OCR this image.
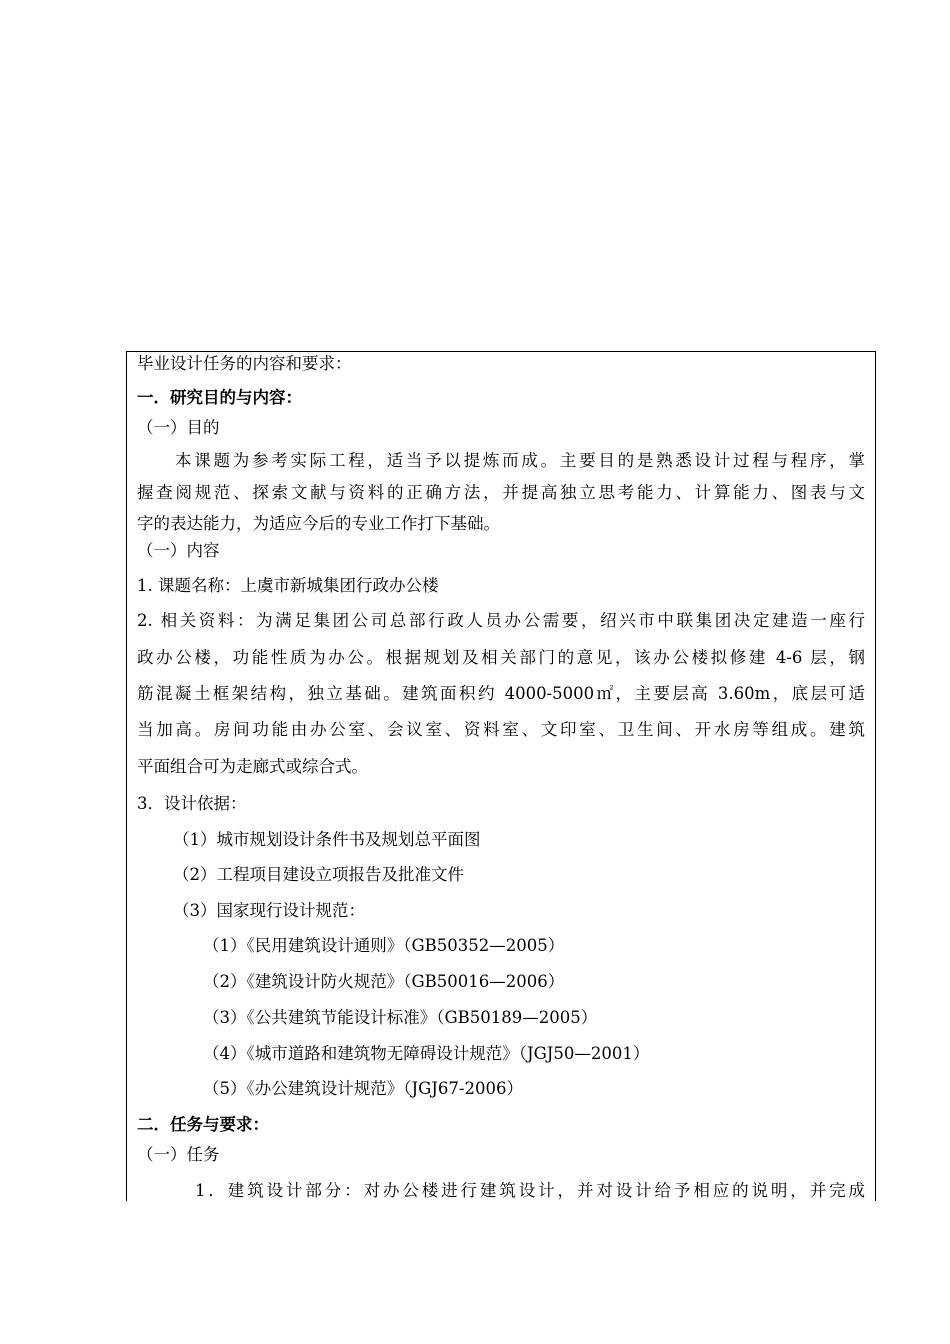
毕业设计任务的内容和要求：
一．研究目的与内容：
（一）目的
本课题为参考实际工程，适当予以提炼而成。主要目的是熟悉设计过程与程序，掌
握查阅规范、探索文献与资料的正确方法，并提高独立思考能力、计算能力、图表与文
字的表达能力，为适应今后的专业工作打下基础。
（一）内容
1. 课题名称：上虞市新城集团行政办公楼
2. 相关资料：为满足集团公司总部行政人员办公需要，绍兴市中联集团决定建造一座行
政办公楼，功能性质为办公。根据规划及相关部门的意见，该办公楼拟修建 4-6 层，钢
筋混凝土框架结构，独立基础。建筑面积约 4000-5000㎡，主要层高 3.60m，底层可适
当加高。房间功能由办公室、会议室、资料室、文印室、卫生间、开水房等组成。建筑
平面组合可为走廊式或综合式。
3．设计依据：
（1）城市规划设计条件书及规划总平面图
（2）工程项目建设立项报告及批准文件
（3）国家现行设计规范：
（1）《民用建筑设计通则》（GB50352—2005）
（2）《建筑设计防火规范》（GB50016—2006）
（3）《公共建筑节能设计标准》（GB50189—2005）
（4）《城市道路和建筑物无障碍设计规范》（JGJ50—2001）
（5）《办公建筑设计规范》（JGJ67-2006）
二．任务与要求：
（一）任务
1．建筑设计部分：对办公楼进行建筑设计，并对设计给予相应的说明，并完成
